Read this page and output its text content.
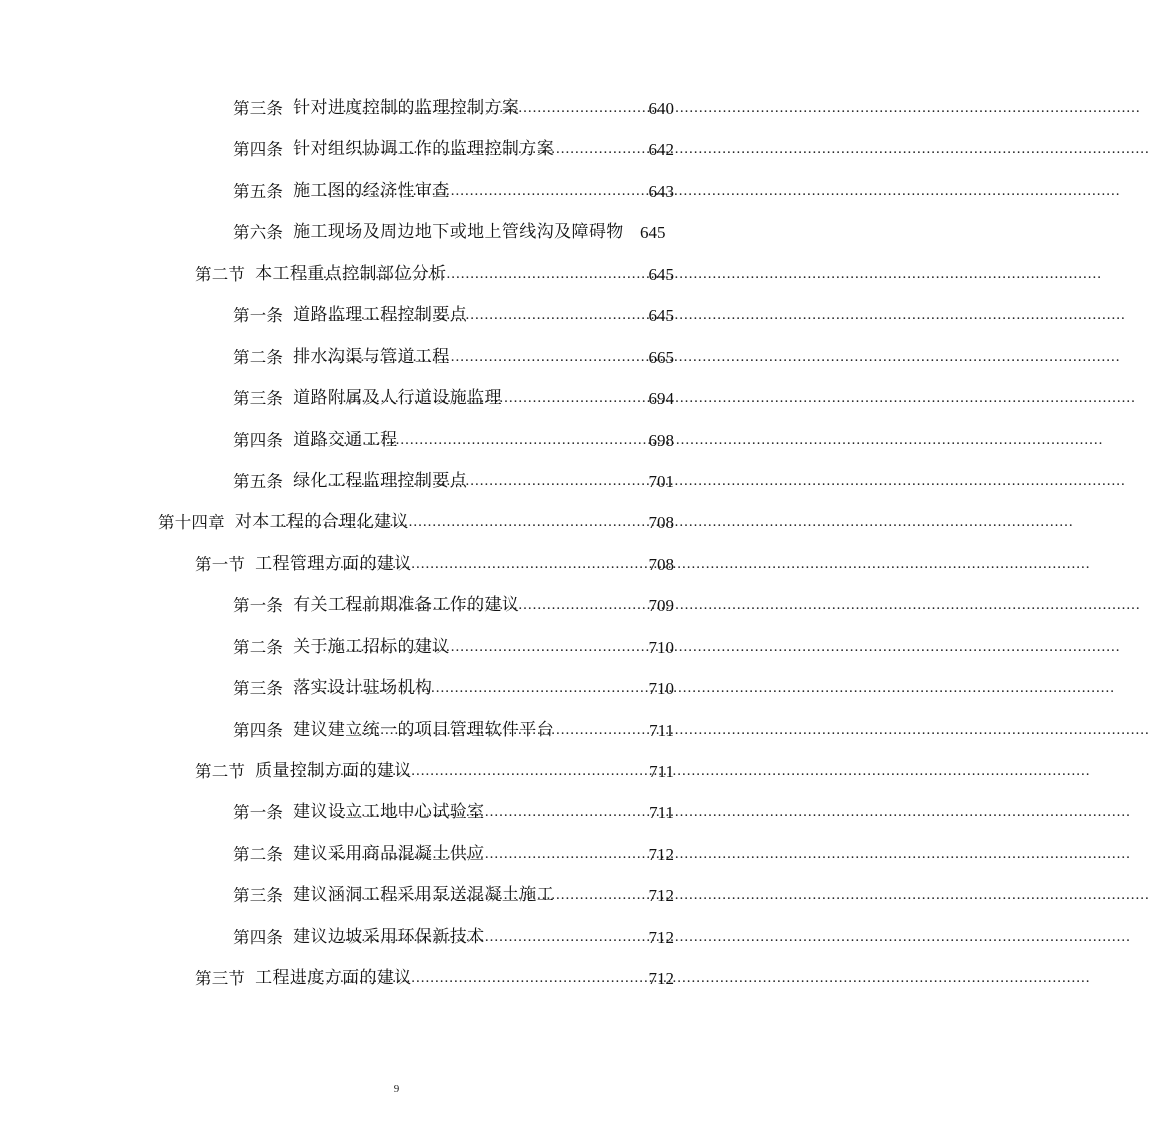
第三条 针对进度控制的监理控制方案 .....	640
第四条 针对组织协调工作的监理控制方案 .....	642
第五条 施工图的经济性审查 .....	643
第六条 施工现场及周边地下或地上管线沟及障碍物 645
第二节 本工程重点控制部位分析 .....	645
第一条 道路监理工程控制要点 .....	645
第二条 排水沟渠与管道工程 .....	665
第三条 道路附属及人行道设施监理 .....	694
第四条 道路交通工程 .....	698
第五条 绿化工程监理控制要点 .....	701
第十四章 对本工程的合理化建议 .....	708
第一节 工程管理方面的建议 .....	708
第一条 有关工程前期准备工作的建议 .....	709
第二条 关于施工招标的建议 .....	710
第三条 落实设计驻场机构 .....	710
第四条 建议建立统一的项目管理软件平台 .....	711
第二节 质量控制方面的建议 .....	711
第一条 建议设立工地中心试验室 .....	711
第二条 建议采用商品混凝土供应 .....	712
第三条 建议涵洞工程采用泵送混凝土施工 .....	712
第四条 建议边坡采用环保新技术 .....	712
第三节 工程进度方面的建议 .....	712
9
